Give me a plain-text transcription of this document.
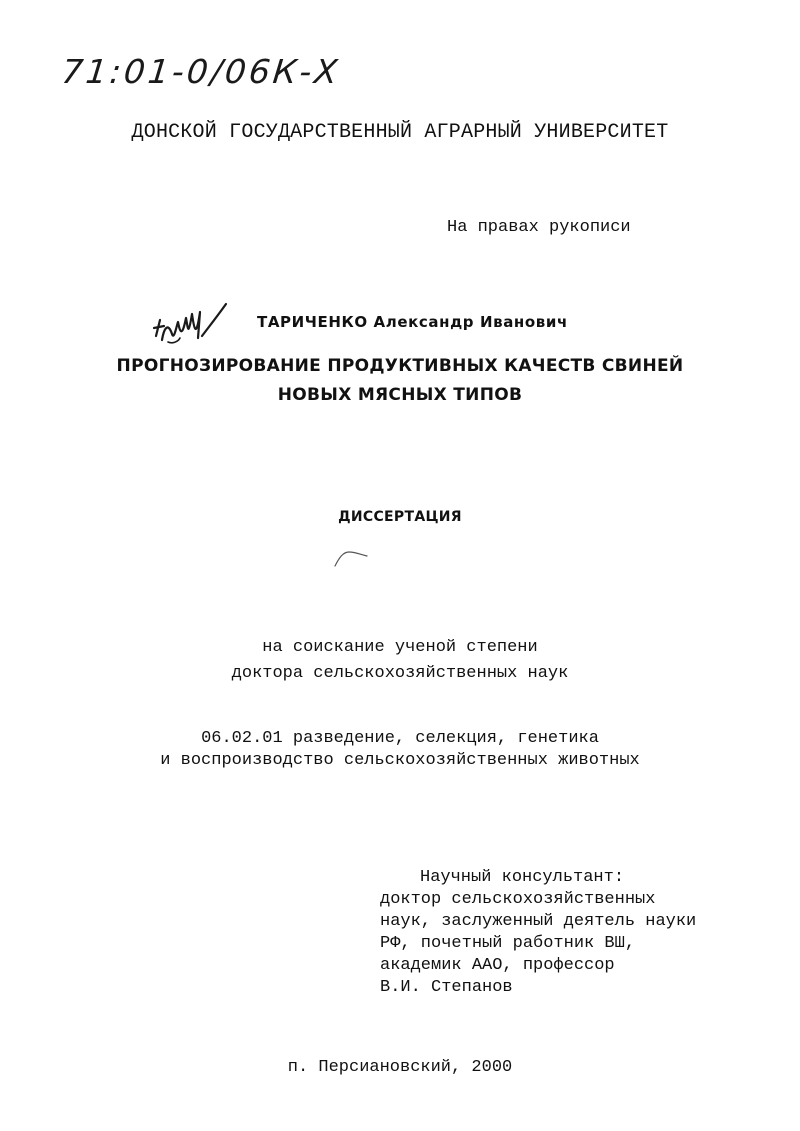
71:01-0/06К-Х
ДОНСКОЙ ГОСУДАРСТВЕННЫЙ АГРАРНЫЙ УНИВЕРСИТЕТ
На правах рукописи
ТАРИЧЕНКО Александр Иванович
ПРОГНОЗИРОВАНИЕ ПРОДУКТИВНЫХ КАЧЕСТВ СВИНЕЙ
НОВЫХ МЯСНЫХ ТИПОВ
ДИССЕРТАЦИЯ
на соискание ученой степени
доктора сельскохозяйственных наук
06.02.01 разведение, селекция, генетика
и воспроизводство сельскохозяйственных животных
Научный консультант:
доктор сельскохозяйственных
наук, заслуженный деятель науки
РФ, почетный работник ВШ,
академик ААО, профессор
В.И. Степанов
п. Персиановский, 2000
